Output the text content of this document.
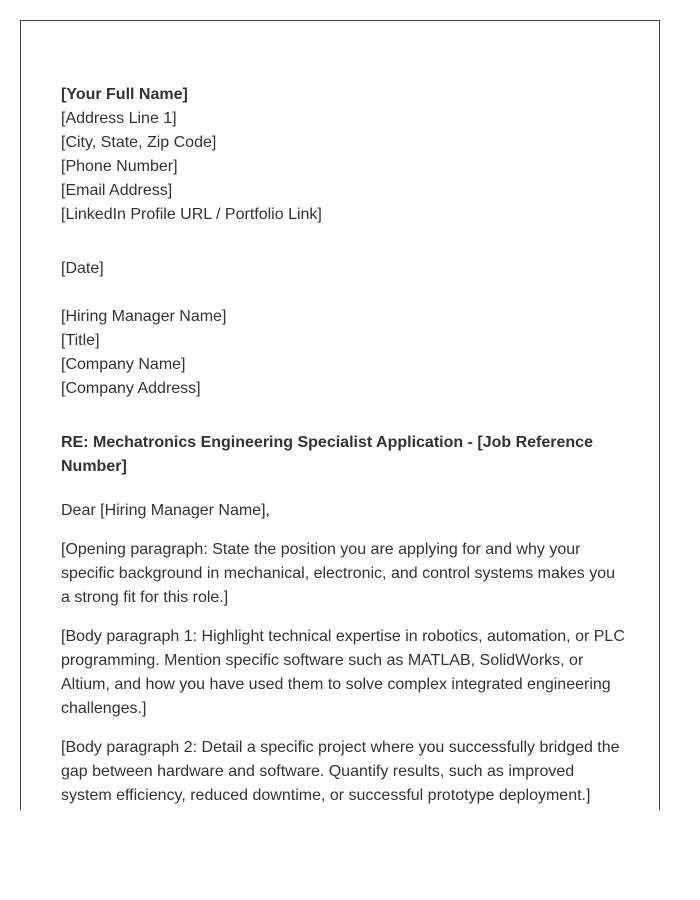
[Your Full Name]
[Address Line 1]
[City, State, Zip Code]
[Phone Number]
[Email Address]
[LinkedIn Profile URL / Portfolio Link]
[Date]
[Hiring Manager Name]
[Title]
[Company Name]
[Company Address]
RE: Mechatronics Engineering Specialist Application - [Job Reference Number]
Dear [Hiring Manager Name],
[Opening paragraph: State the position you are applying for and why your specific background in mechanical, electronic, and control systems makes you a strong fit for this role.]
[Body paragraph 1: Highlight technical expertise in robotics, automation, or PLC programming. Mention specific software such as MATLAB, SolidWorks, or Altium, and how you have used them to solve complex integrated engineering challenges.]
[Body paragraph 2: Detail a specific project where you successfully bridged the gap between hardware and software. Quantify results, such as improved system efficiency, reduced downtime, or successful prototype deployment.]
